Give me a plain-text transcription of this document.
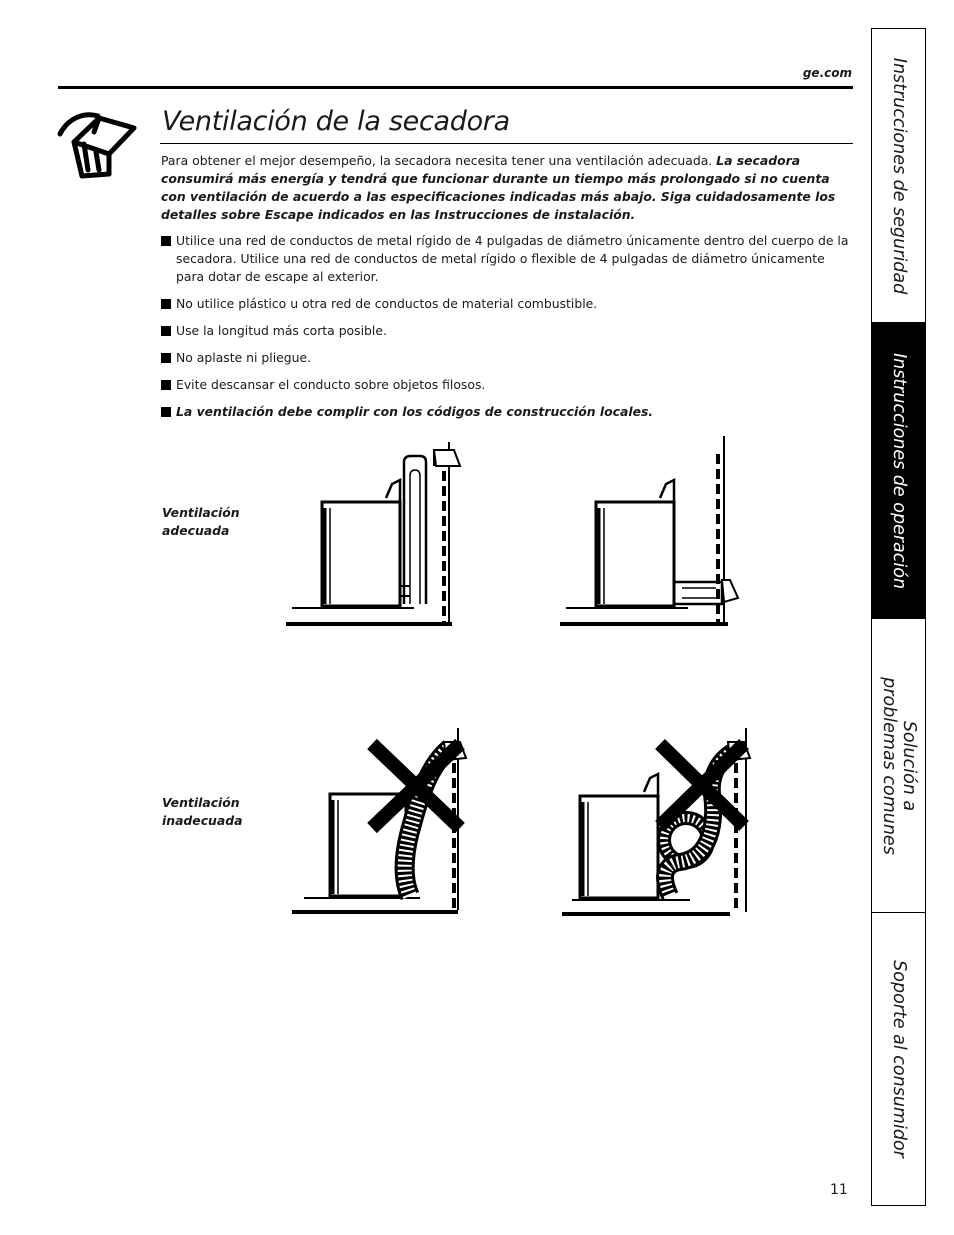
ge.com
Ventilación de la secadora

Para obtener el mejor desempeño, la secadora necesita tener una ventilación adecuada. La secadora consumirá más energía y tendrá que funcionar durante un tiempo más prolongado si no cuenta con ventilación de acuerdo a las especificaciones indicadas más abajo. Siga cuidadosamente los detalles sobre Escape indicados en las Instrucciones de instalación.

Utilice una red de conductos de metal rígido de 4 pulgadas de diámetro únicamente dentro del cuerpo de la secadora. Utilice una red de conductos de metal rígido o flexible de 4 pulgadas de diámetro únicamente para dotar de escape al exterior.
No utilice plástico u otra red de conductos de material combustible.
Use la longitud más corta posible.
No aplaste ni pliegue.
Evite descansar el conducto sobre objetos filosos.
La ventilación debe complir con los códigos de construcción locales.

Ventilación
adecuada

Ventilación
inadecuada

Instrucciones de seguridad
Instrucciones de operación
Solución a
problemas comunes
Soporte al consumidor
11
